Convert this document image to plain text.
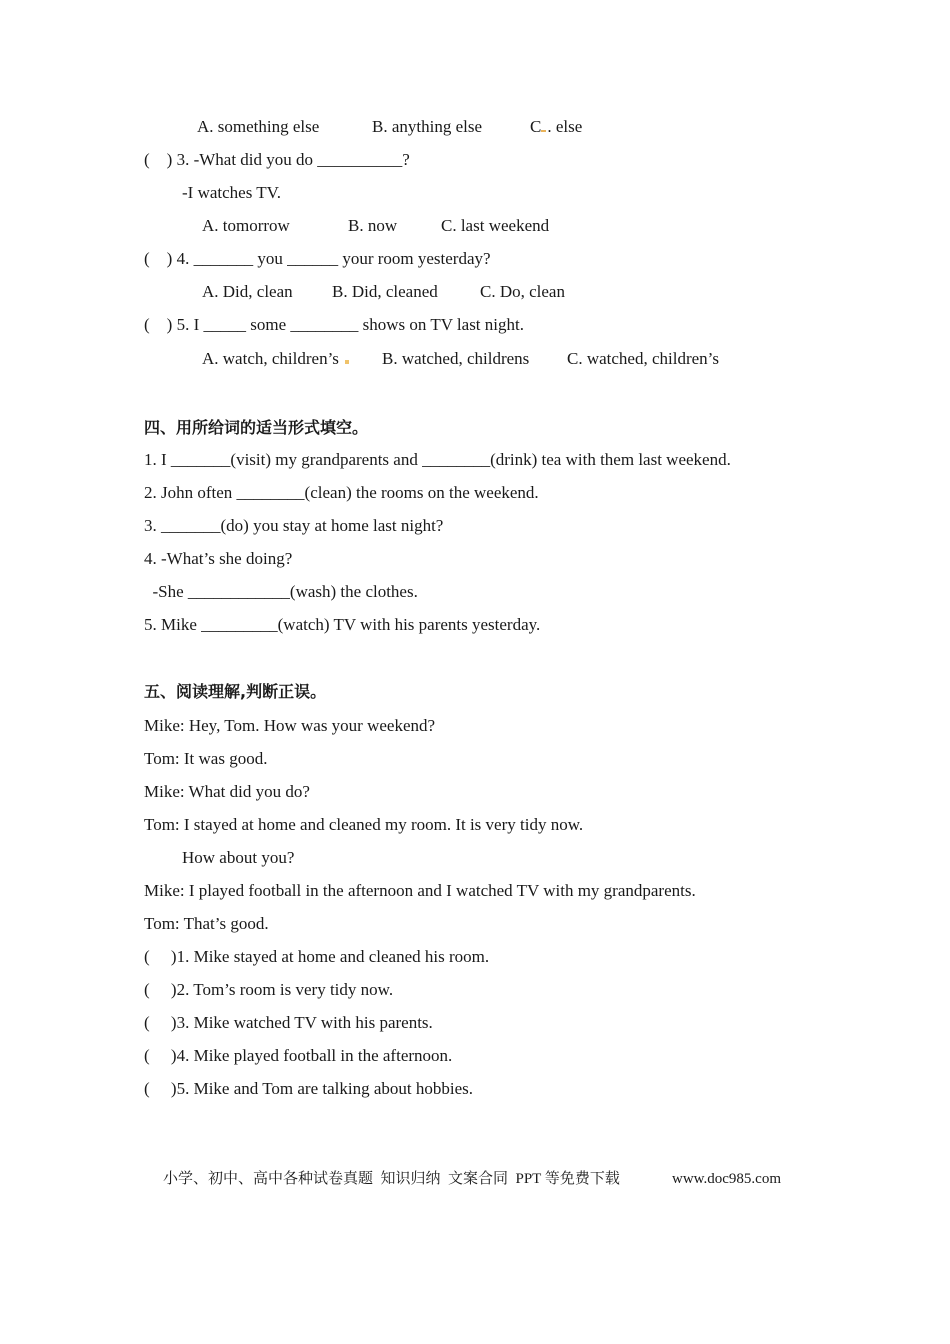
A. something else	B. anything else	C . else
(    ) 3. -What did you do __________?
-I watches TV.
A. tomorrow	B. now	C. last weekend
(    ) 4. _______ you ______ your room yesterday?
A. Did, clean B. Did, cleaned C. Do, clean
(    ) 5. I _____ some ________ shows on TV last night.
A. watch, children’s	B. watched, childrens C. watched, children’s
四、用所给词的适当形式填空。
1. I _______(visit) my grandparents and ________(drink) tea with them last weekend.
2. John often ________(clean) the rooms on the weekend.
3. _______(do) you stay at home last night?
4. -What’s she doing?
-She ____________(wash) the clothes.
5. Mike _________(watch) TV with his parents yesterday.
五、阅读理解,判断正误。
Mike: Hey, Tom. How was your weekend?
Tom: It was good.
Mike: What did you do?
Tom: I stayed at home and cleaned my room. It is very tidy now.
How about you?
Mike: I played football in the afternoon and I watched TV with my grandparents.
Tom: That’s good.
(     )1. Mike stayed at home and cleaned his room.
(     )2. Tom’s room is very tidy now.
(     )3. Mike watched TV with his parents.
(     )4. Mike played football in the afternoon.
(     )5. Mike and Tom are talking about hobbies.
小学、初中、高中各种试卷真题  知识归纳  文案合同  PPT 等免费下载	www.doc985.com
